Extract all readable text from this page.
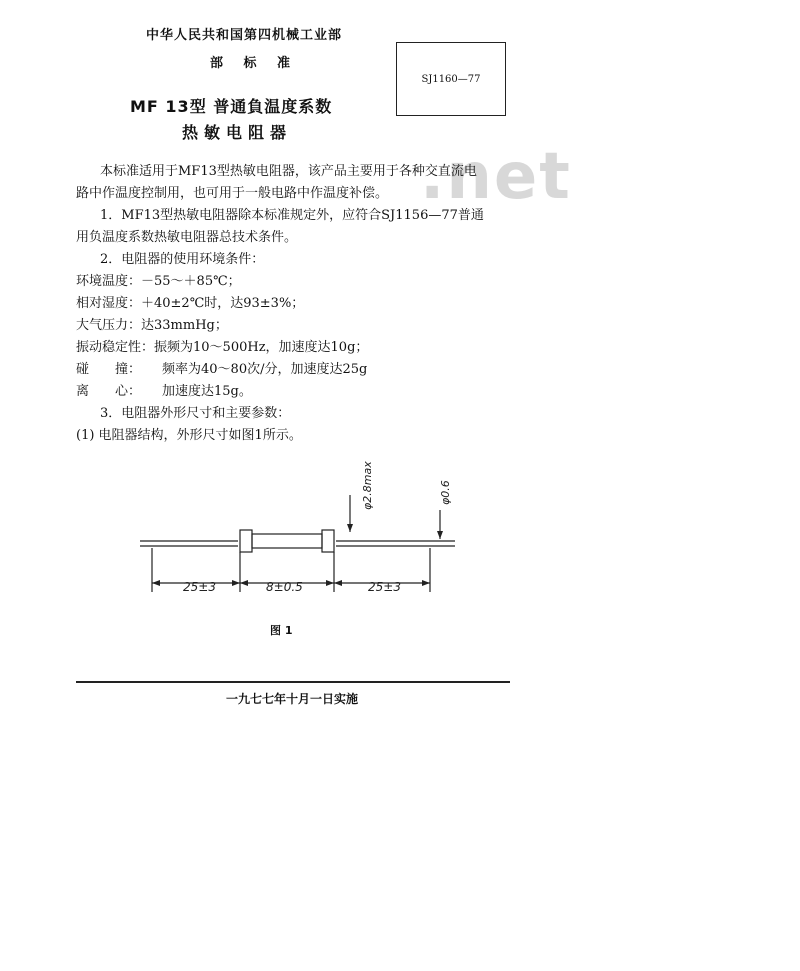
中华人民共和国第四机械工业部
部 标 准
SJ1160—77
MF 13型 普通負温度系数
热敏电阻器
.net
本标准适用于MF13型热敏电阻器，该产品主要用于各种交直流电
路中作温度控制用，也可用于一般电路中作温度补偿。
1．MF13型热敏电阻器除本标准规定外，应符合SJ1156—77普通
用负温度系数热敏电阻器总技术条件。
2．电阻器的使用环境条件：
环境温度：－55～＋85℃；
相对湿度：＋40±2℃时，达93±3%；
大气压力：达33mmHg；
振动稳定性：振频为10～500Hz，加速度达10g；
碰　　撞： 频率为40～80次/分，加速度达25g
离　　心： 加速度达15g。
3．电阻器外形尺寸和主要参数：
(1) 电阻器结构，外形尺寸如图1所示。
25±3	8±0.5	25±3
φ2.8max	φ0.6
图 1
一九七七年十月一日实施
